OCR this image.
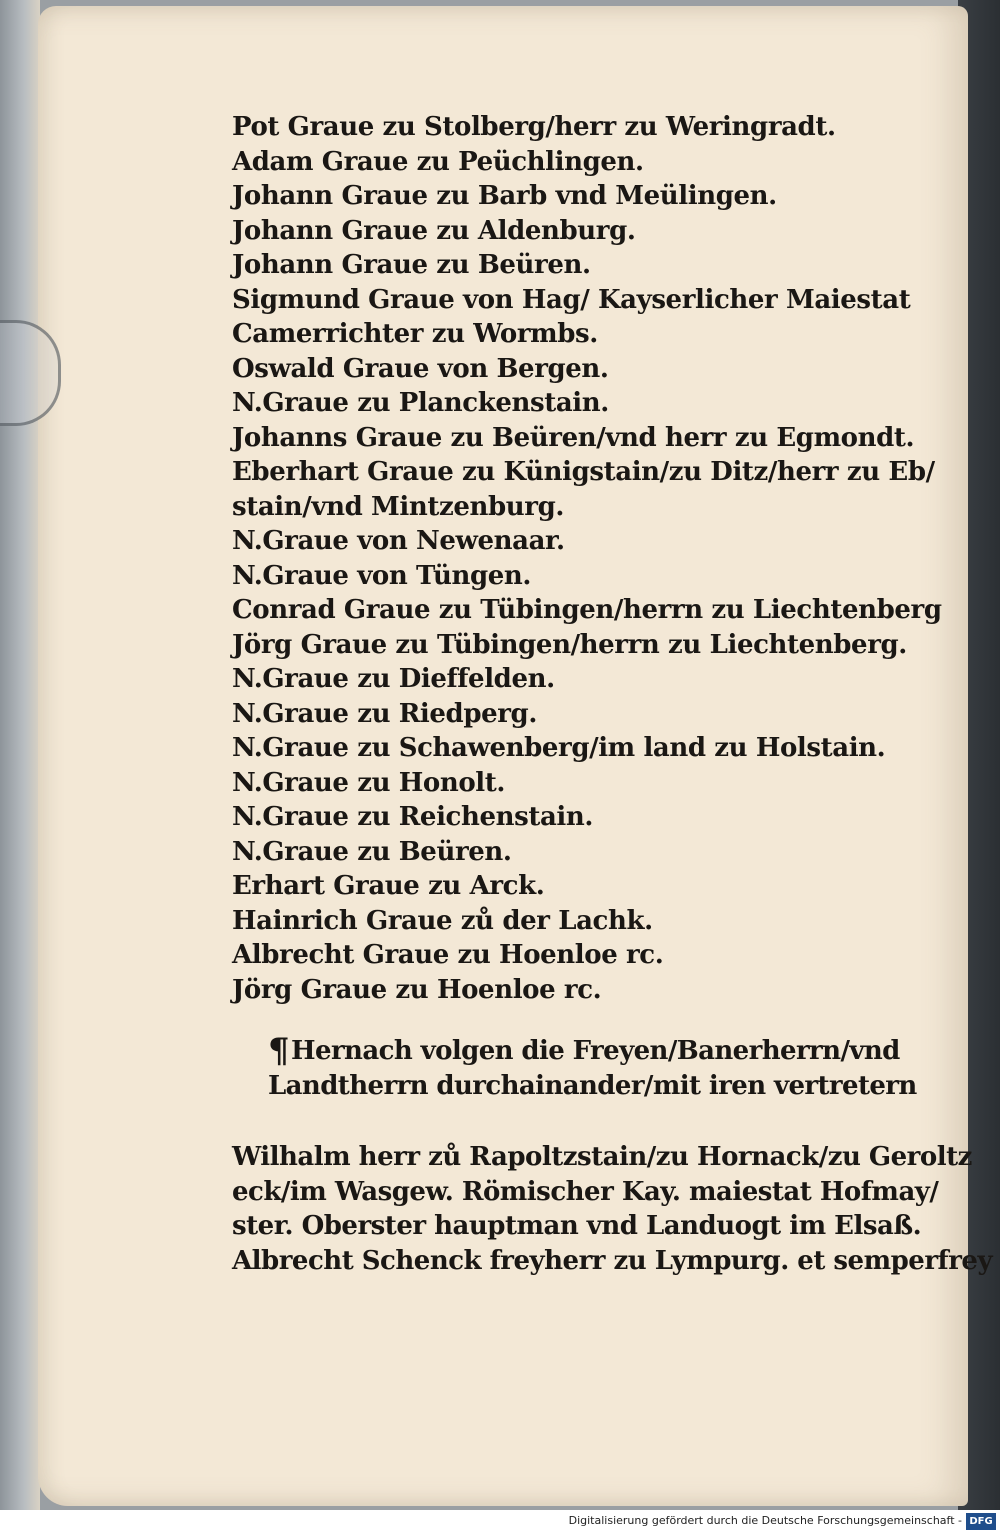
Pot Graue zu Stolberg/herr zu Weringradt.
Adam Graue zu Peüchlingen.
Johann Graue zu Barb vnd Meülingen.
Johann Graue zu Aldenburg.
Johann Graue zu Beüren.
Sigmund Graue von Hag/ Kayserlicher Maiestat
Camerrichter zu Wormbs.
Oswald Graue von Bergen.
N.Graue zu Planckenstain.
Johanns Graue zu Beüren/vnd herr zu Egmondt.
Eberhart Graue zu Künigstain/zu Ditz/herr zu Eb/
stain/vnd Mintzenburg.
N.Graue von Newenaar.
N.Graue von Tüngen.
Conrad Graue zu Tübingen/herrn zu Liechtenberg
Jörg Graue zu Tübingen/herrn zu Liechtenberg.
N.Graue zu Dieffelden.
N.Graue zu Riedperg.
N.Graue zu Schawenberg/im land zu Holstain.
N.Graue zu Honolt.
N.Graue zu Reichenstain.
N.Graue zu Beüren.
Erhart Graue zu Arck.
Hainrich Graue zů der Lachk.
Albrecht Graue zu Hoenloe rc.
Jörg Graue zu Hoenloe rc.
¶Hernach volgen die Freyen/Banerherrn/vnd
Landtherrn durchainander/mit iren vertretern
Wilhalm herr zů Rapoltzstain/zu Hornack/zu Geroltz
eck/im Wasgew. Römischer Kay. maiestat Hofmay/
ster. Oberster hauptman vnd Landuogt im Elsaß.
Albrecht Schenck freyherr zu Lympurg. et semperfrey
Digitalisierung gefördert durch die Deutsche Forschungsgemeinschaft - DFG
